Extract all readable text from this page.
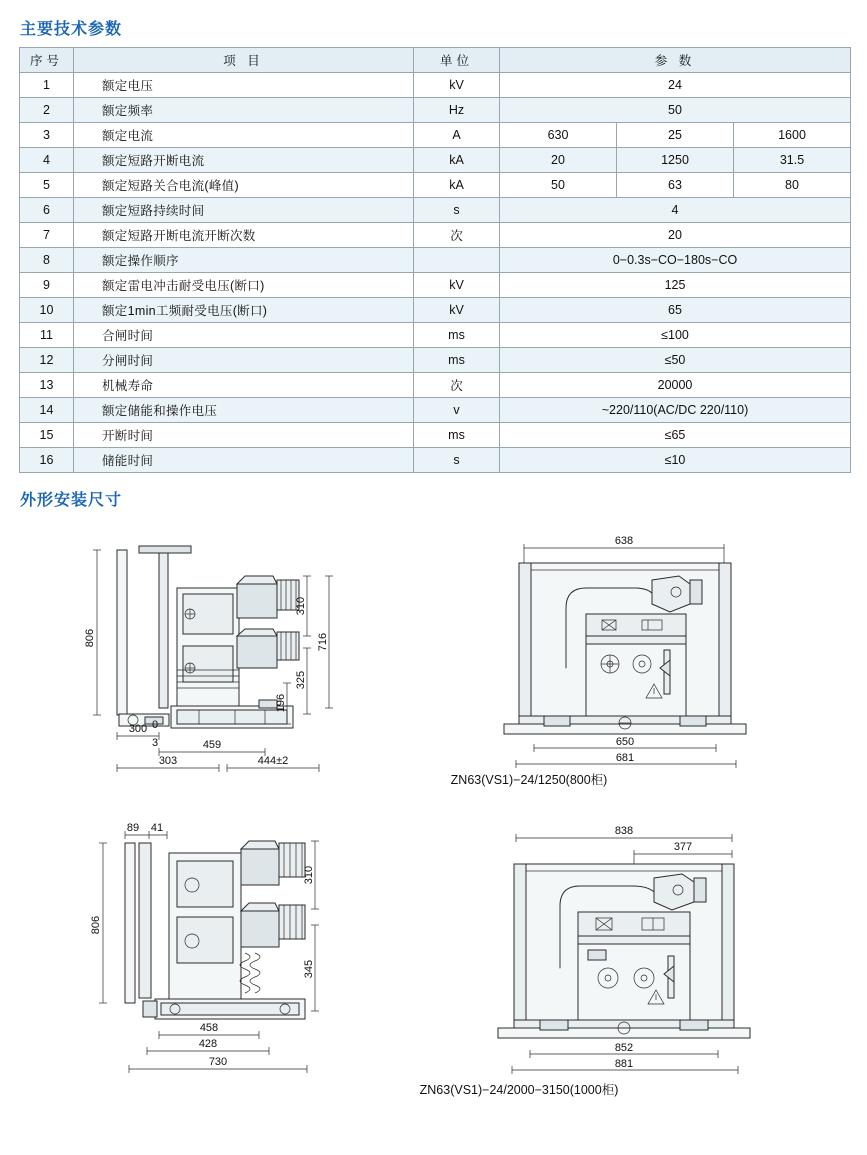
主要技术参数
序号	项 目	单位	参 数		
1	额定电压	kV	24		
2	额定频率	Hz	50		
3	额定电流	A	630	25	1600
4	额定短路开断电流	kA	20	1250	31.5
5	额定短路关合电流(峰值)	kA	50	63	80
6	额定短路持续时间	s	4		
7	额定短路开断电流开断次数	次	20		
8	额定操作顺序		0−0.3s−CO−180s−CO		
9	额定雷电冲击耐受电压(断口)	kV	125		
10	额定1min工频耐受电压(断口)	kV	65		
11	合闸时间	ms	≤100		
12	分闸时间	ms	≤50		
13	机械寿命	次	20000		
14	额定储能和操作电压	v	~220/110(AC/DC 220/110)		
15	开断时间	ms	≤65		
16	储能时间	s	≤10		
外形安装尺寸
806
310
716
325
196
300 0
3	459
303	444±2
638
650
681
ZN63(VS1)−24/1250(800柜)
89 41
806
310
345
458
428
730
838
377
852
881
ZN63(VS1)−24/2000−3150(1000柜)
